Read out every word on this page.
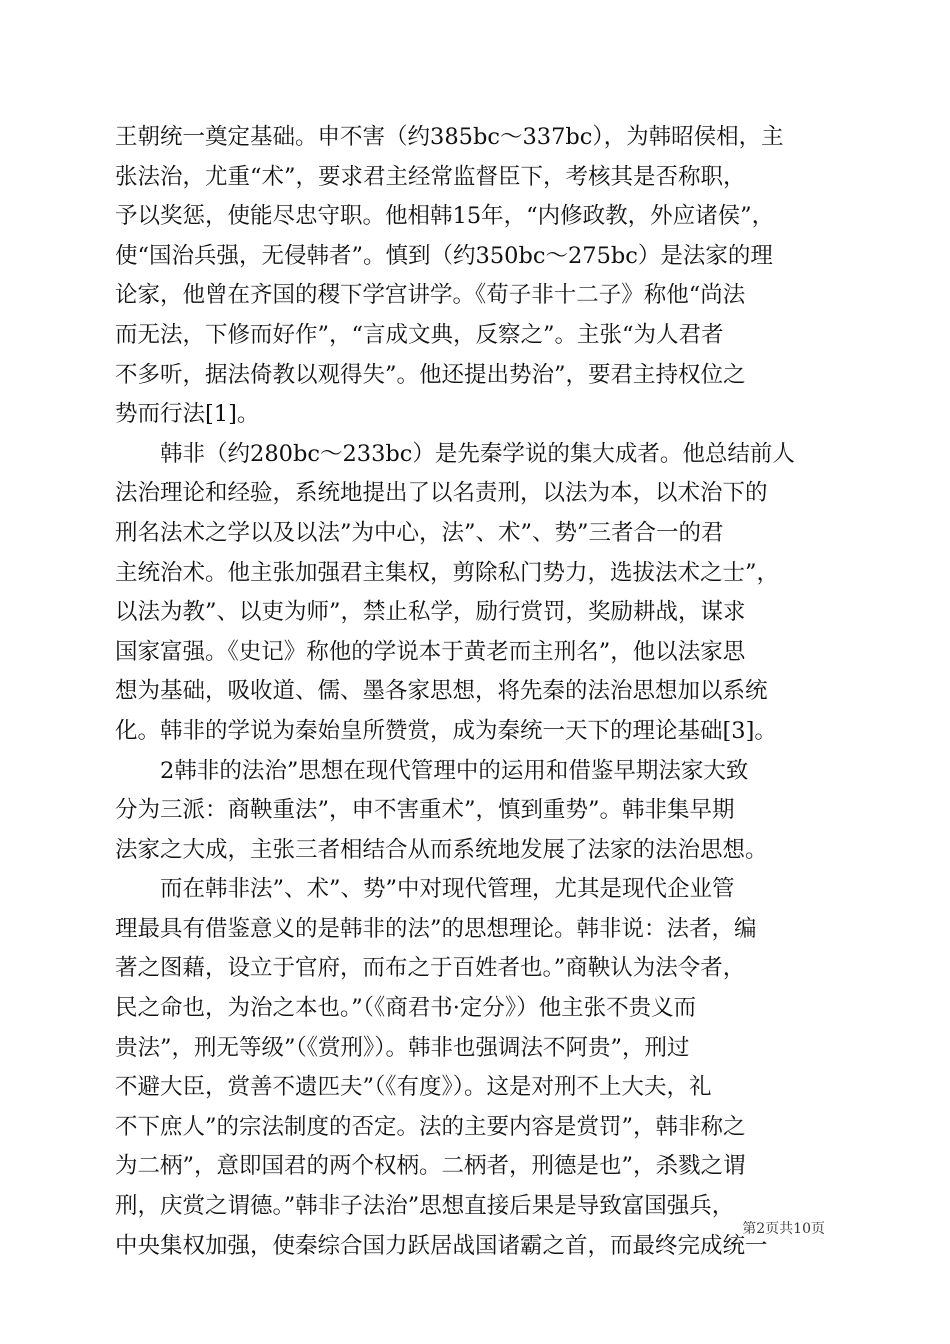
王朝统一奠定基础。申不害（约385bc～337bc），为韩昭侯相，主
张法治，尤重“术”，要求君主经常监督臣下，考核其是否称职，
予以奖惩，使能尽忠守职。他相韩15年，“内修政教，外应诸侯”，
使“国治兵强，无侵韩者”。慎到（约350bc～275bc）是法家的理
论家，他曾在齐国的稷下学宫讲学。《荀子非十二子》称他“尚法
而无法，下修而好作”，“言成文典，反察之”。主张“为人君者
不多听，据法倚教以观得失”。他还提出势治”，要君主持权位之
势而行法[1]。
　　韩非（约280bc～233bc）是先秦学说的集大成者。他总结前人
法治理论和经验，系统地提出了以名责刑，以法为本，以术治下的
刑名法术之学以及以法”为中心，法”、术”、势”三者合一的君
主统治术。他主张加强君主集权，剪除私门势力，选拔法术之士”，
以法为教”、以吏为师”，禁止私学，励行赏罚，奖励耕战，谋求
国家富强。《史记》称他的学说本于黄老而主刑名”，他以法家思
想为基础，吸收道、儒、墨各家思想，将先秦的法治思想加以系统
化。韩非的学说为秦始皇所赞赏，成为秦统一天下的理论基础[3]。
　　2韩非的法治”思想在现代管理中的运用和借鉴早期法家大致
分为三派：商鞅重法”，申不害重术”，慎到重势”。韩非集早期
法家之大成，主张三者相结合从而系统地发展了法家的法治思想。
　　而在韩非法”、术”、势”中对现代管理，尤其是现代企业管
理最具有借鉴意义的是韩非的法”的思想理论。韩非说：法者，编
著之图藉，设立于官府，而布之于百姓者也。”商鞅认为法令者，
民之命也，为治之本也。”（《商君书·定分》）他主张不贵义而
贵法”，刑无等级”（《赏刑》）。韩非也强调法不阿贵”，刑过
不避大臣，赏善不遗匹夫”（《有度》）。这是对刑不上大夫，礼
不下庶人”的宗法制度的否定。法的主要内容是赏罚”，韩非称之
为二柄”，意即国君的两个权柄。二柄者，刑德是也”，杀戮之谓
刑，庆赏之谓德。”韩非子法治”思想直接后果是导致富国强兵，
中央集权加强，使秦综合国力跃居战国诸霸之首，而最终完成统一
第2页共10页
